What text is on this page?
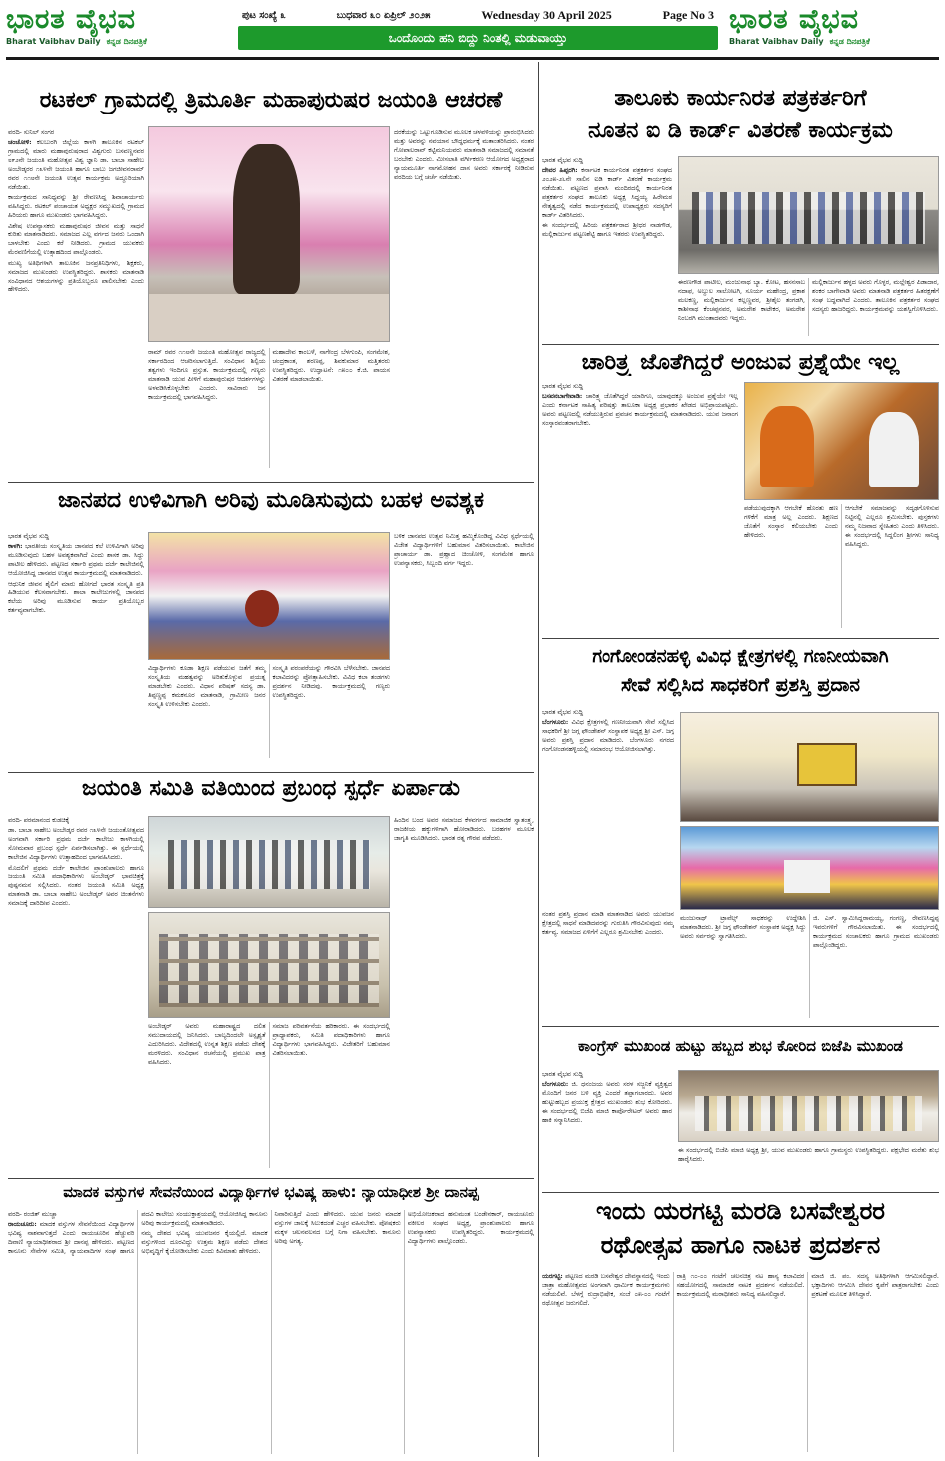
ಭಾರತ ವೈಭವ
Bharat Vaibhav Daily ಕನ್ನಡ ದಿನಪತ್ರಿಕೆ
ಪುಟ ಸಂಖ್ಯೆ ೩	ಬುಧವಾರ ೩೦ ಏಪ್ರಿಲ್ ೨೦೨೫	Wednesday 30 April 2025	Page No 3
ಒಂದೊಂದು ಹನಿ ಬಿದ್ದು ನಿಂತಲ್ಲಿ ಮಡುವಾಯ್ತು
ಭಾರತ ವೈಭವ
Bharat Vaibhav Daily ಕನ್ನಡ ದಿನಪತ್ರಿಕೆ
ರಟಕಲ್ ಗ್ರಾಮದಲ್ಲಿ ತ್ರಿಮೂರ್ತಿ ಮಹಾಪುರುಷರ ಜಯಂತಿ ಆಚರಣೆ

ವರದಿ- ಸುನಿಲ್ ಸಂಗರ

ಚಂಚೋಳಿ: ಕಲಬುರಗಿ ಜಿಲ್ಲೆಯ ಕಾಳಗಿ ತಾಲೂಕಿನ ರಟಕಲ್ ಗ್ರಾಮದಲ್ಲಿ ಮಾರು ಮಹಾಪುರುಷರಾದ ವಿಶ್ವಗುರು ಬಸವಣ್ಣನವರ ೮೯೨ನೇ ಜಯಂತಿ ಮಹೋತ್ಸವ ವಿಶ್ವ ಜ್ಞಾನಿ ಡಾ. ಬಾಬಾ ಸಾಹೇಬ ಅಂಬೇಡ್ಕರರ ೧೩೪ನೇ ಜಯಂತಿ ಹಾಗೂ ಬಾಬು ಜಗಜೀವನರಾಮ್ ರವರ ೧೧೮ನೇ ಜಯಂತಿ ಉತ್ಸವ ಕಾರ್ಯಕ್ರಮ ಅದ್ದೂರಿಯಾಗಿ ನಡೆಯಿತು.

ಕಾರ್ಯಕ್ರಮದ ಸಾನಿಧ್ಯವನ್ನು ಶ್ರೀ ರೇವಣಸಿದ್ದ ಶಿವಾಚಾರ್ಯರು ವಹಿಸಿದ್ದರು. ರಟಕಲ್ ಪಂಚಾಯತ ಅಧ್ಯಕ್ಷರ ಸಮ್ಮುಖದಲ್ಲಿ ಗ್ರಾಮದ ಹಿರಿಯರು ಹಾಗೂ ಮುಖಂಡರು ಭಾಗವಹಿಸಿದ್ದರು.

ವಿಶೇಷ ಉಪನ್ಯಾಸಕರು ಮಹಾಪುರುಷರ ಜೀವನ ಮತ್ತು ಸಾಧನೆ ಕುರಿತು ಮಾತನಾಡಿದರು. ಸಮಾಜದ ಎಲ್ಲ ವರ್ಗದ ಜನರು ಒಂದಾಗಿ ಬಾಳಬೇಕು ಎಂದು ಕರೆ ನೀಡಿದರು. ಗ್ರಾಮದ ಯುವಕರು ಮೆರವಣಿಗೆಯಲ್ಲಿ ಉತ್ಸಾಹದಿಂದ ಪಾಲ್ಗೊಂಡರು.

ಮುಖ್ಯ ಅತಿಥಿಗಳಾಗಿ ತಾಲೂಕಿನ ಜನಪ್ರತಿನಿಧಿಗಳು, ಶಿಕ್ಷಕರು, ಸಮಾಜದ ಮುಖಂಡರು ಉಪಸ್ಥಿತರಿದ್ದರು. ಶಾಸಕರು ಮಾತನಾಡಿ ಸಂವಿಧಾನದ ಆಶಯಗಳನ್ನು ಪ್ರತಿಯೊಬ್ಬರೂ ಪಾಲಿಸಬೇಕು ಎಂದು ಹೇಳಿದರು.

ದರಕೆಯನ್ನು ಒಟ್ಟುಗೂಡಿಸುವ ಮೂಲಕ ಚಳವಳಿಯನ್ನು ಪ್ರಾರಂಭಿಸಿದರು ಮತ್ತು ಅವರನ್ನು ನವಯಾನ ಬೌದ್ಧಧರ್ಮಕ್ಕೆ ಮತಾಂತರಿಸಿದರು. ನಂತರ ಗೋಪಾಲರಾವ್ ಕಟ್ಟಿಮನಿಯವರು ಮಾತನಾಡಿ ಸಮಾಜದಲ್ಲಿ ಸಮಾನತೆ ಬರಬೇಕು ಎಂದರು. ಮೀಸಲಾತಿ ವರ್ಗೀಕರಣ ಆಯೋಗದ ಅಧ್ಯಕ್ಷರಾದ ನ್ಯಾಯಮೂರ್ತಿ ನಾಗಮೋಹನ ದಾಸ ಅವರು ಸರ್ಕಾರಕ್ಕೆ ನೀಡಿರುವ ವರದಿಯ ಬಗ್ಗೆ ಚರ್ಚೆ ನಡೆಯಿತು.

ರಾಮ್ ರವರ ೧೧೮ನೇ ಜಯಂತಿ ಮಹೋತ್ಸವ ರಾಜ್ಯದಲ್ಲಿ ಸರ್ಕಾರದಿಂದ ಆಚರಿಸಲಾಗುತ್ತಿದೆ. ಸಂವಿಧಾನ ಶಿಲ್ಪಿಯ ತತ್ವಗಳು ಇಂದಿಗೂ ಪ್ರಸ್ತುತ. ಕಾರ್ಯಕ್ರಮದಲ್ಲಿ ಗಣ್ಯರು ಮಾತನಾಡಿ ಯುವ ಪೀಳಿಗೆ ಮಹಾಪುರುಷರ ಆದರ್ಶಗಳನ್ನು ಅಳವಡಿಸಿಕೊಳ್ಳಬೇಕು ಎಂದರು. ಸಾವಿರಾರು ಜನ ಕಾರ್ಯಕ್ರಮದಲ್ಲಿ ಭಾಗವಹಿಸಿದ್ದರು.

ಮಹಾದೇವ ಕಾಂಬಳೆ, ನಾಗೇಂದ್ರ ಬೆಳಗುಂಪಿ, ಸಂಗಮೇಶ, ಚಂದ್ರಕಾಂತ, ಶರಣಪ್ಪ, ಶಿವಕುಮಾರ ಮತ್ತಿತರರು ಉಪಸ್ಥಿತರಿದ್ದರು. ಉದ್ಘಾಟನೆ: ೧೫೦೦ ಕೆ.ಜಿ. ಪಾಯಸ ವಿತರಣೆ ಮಾಡಲಾಯಿತು.

ಜಾನಪದ ಉಳಿವಿಗಾಗಿ ಅರಿವು ಮೂಡಿಸುವುದು ಬಹಳ ಅವಶ್ಯಕ

ಭಾರತ ವೈಭವ ಸುದ್ದಿ

ಕಾಳಗಿ: ಭಾರತೀಯ ಸಂಸ್ಕೃತಿಯ ಜಾನಪದ ಕಲೆ ಉಳಿವಿಗಾಗಿ ಅರಿವು ಮೂಡಿಸುವುದು ಬಹಳ ಅವಶ್ಯಕವಾಗಿದೆ ಎಂದು ಶಾಸಕ ಡಾ. ಸಿದ್ದು ಪಾಟೀಲ ಹೇಳಿದರು. ಪಟ್ಟಣದ ಸರ್ಕಾರಿ ಪ್ರಥಮ ದರ್ಜೆ ಕಾಲೇಜಿನಲ್ಲಿ ಆಯೋಜಿಸಿದ್ದ ಜಾನಪದ ಉತ್ಸವ ಕಾರ್ಯಕ್ರಮದಲ್ಲಿ ಮಾತನಾಡಿದರು.

ಆಧುನಿಕ ಜೀವನ ಶೈಲಿಗೆ ಮಾರು ಹೋಗದೆ ಭಾರತ ಸಂಸ್ಕೃತಿ ಪ್ರತಿ ಹಿಡಿಯುವ ಕೆಲಸವಾಗಬೇಕು. ಶಾಲಾ ಕಾಲೇಜುಗಳಲ್ಲಿ ಜಾನಪದ ಕಲೆಯ ಅರಿವು ಮೂಡಿಸುವ ಕಾರ್ಯ ಪ್ರತಿಯೊಬ್ಬರ ಕರ್ತವ್ಯವಾಗಬೇಕು.

ವಿದ್ಯಾರ್ಥಿಗಳು ಕೂಡಾ ಶಿಕ್ಷಣ ಪಡೆಯುವ ಜತೆಗೆ ತಮ್ಮ ಸಂಸ್ಕೃತಿಯ ಮಹತ್ವವನ್ನು ಅರಿತುಕೊಳ್ಳುವ ಪ್ರಯತ್ನ ಮಾಡಬೇಕು ಎಂದರು. ವಿಧಾನ ಪರಿಷತ್ ಸದಸ್ಯ ಡಾ. ತಿಪ್ಪಣ್ಣಪ್ಪ ಕಮಕನೂರ ಮಾತನಾಡಿ, ಗ್ರಾಮೀಣ ಜನರ ಸಂಸ್ಕೃತಿ ಉಳಿಸಬೇಕು ಎಂದರು.

ಸಂಸ್ಕೃತಿ ಪರಂಪರೆಯನ್ನು ಗೌರವಿಸಿ ಬೆಳೆಸಬೇಕು. ಜಾನಪದ ಕಲಾವಿದರನ್ನು ಪ್ರೋತ್ಸಾಹಿಸಬೇಕು. ವಿವಿಧ ಕಲಾ ತಂಡಗಳು ಪ್ರದರ್ಶನ ನೀಡಿದವು. ಕಾರ್ಯಕ್ರಮದಲ್ಲಿ ಗಣ್ಯರು ಉಪಸ್ಥಿತರಿದ್ದರು.

ಬಳಿಕ ಜಾನಪದ ಉತ್ಸವ ನಿಮಿತ್ತ ಹಮ್ಮಿಕೊಂಡಿದ್ದ ವಿವಿಧ ಸ್ಪರ್ಧೆಯಲ್ಲಿ ವಿಜೇತ ವಿದ್ಯಾರ್ಥಿಗಳಿಗೆ ಬಹುಮಾನ ವಿತರಿಸಲಾಯಿತು. ಕಾಲೇಜಿನ ಪ್ರಾಚಾರ್ಯ ಡಾ. ಪ್ರಹ್ಲಾದ ಚಿಂಚೋಳಿ, ಸಂಗಮೇಶ ಹಾಗೂ ಉಪನ್ಯಾಸಕರು, ಸಿಬ್ಬಂದಿ ವರ್ಗ ಇದ್ದರು.

ಜಯಂತಿ ಸಮಿತಿ ವತಿಯಿಂದ ಪ್ರಬಂಧ ಸ್ಪರ್ಧೆ ಏರ್ಪಾಡು

ವರದಿ- ಪರಮಾನಂದ ಕುಡಚಿಕೈ

ಡಾ. ಬಾಬಾ ಸಾಹೇಬ ಅಂಬೇಡ್ಕರ ರವರ ೧೩೪ನೇ ಜಯಂತೋತ್ಸವದ ಅಂಗವಾಗಿ ಸರ್ಕಾರಿ ಪ್ರಥಮ ದರ್ಜೆ ಕಾಲೇಜು ಕಾಳಗಿಯಲ್ಲಿ ಸೋಮವಾರ ಪ್ರಬಂಧ ಸ್ಪರ್ಧೆ ಏರ್ಪಡಿಸಲಾಗಿತ್ತು. ಈ ಸ್ಪರ್ಧೆಯಲ್ಲಿ ಕಾಲೇಜಿನ ವಿದ್ಯಾರ್ಥಿಗಳು ಉತ್ಸಾಹದಿಂದ ಭಾಗವಹಿಸಿದರು.

ಮೊದಲಿಗೆ ಪ್ರಥಮ ದರ್ಜೆ ಕಾಲೇಜಿನ ಪ್ರಾಂಶುಪಾಲರು ಹಾಗೂ ಜಯಂತಿ ಸಮಿತಿ ಪದಾಧಿಕಾರಿಗಳು ಅಂಬೇಡ್ಕರ್ ಭಾವಚಿತ್ರಕ್ಕೆ ಪುಷ್ಪನಮನ ಸಲ್ಲಿಸಿದರು. ನಂತರ ಜಯಂತಿ ಸಮಿತಿ ಅಧ್ಯಕ್ಷ ಮಾತನಾಡಿ ಡಾ. ಬಾಬಾ ಸಾಹೇಬ ಅಂಬೇಡ್ಕರ್ ಅವರ ಚಿಂತನೆಗಳು ಸಮಾಜಕ್ಕೆ ದಾರಿದೀಪ ಎಂದರು.

ಅಂಬೇಡ್ಕರ್ ಅವರು ಮಹಾರಾಷ್ಟ್ರದ ದಲಿತ ಸಮುದಾಯದಲ್ಲಿ ಜನಿಸಿದರು. ಬಾಲ್ಯದಿಂದಲೇ ಅಸ್ಪೃಶ್ಯತೆ ಎದುರಿಸಿದರು. ವಿದೇಶದಲ್ಲಿ ಉನ್ನತ ಶಿಕ್ಷಣ ಪಡೆದು ದೇಶಕ್ಕೆ ಮರಳಿದರು. ಸಂವಿಧಾನ ರಚನೆಯಲ್ಲಿ ಪ್ರಮುಖ ಪಾತ್ರ ವಹಿಸಿದರು.

ಸಮಾಜ ಪರಿವರ್ತನೆಯ ಹರಿಕಾರರು. ಈ ಸಂದರ್ಭದಲ್ಲಿ ಪ್ರಾಧ್ಯಾಪಕರು, ಸಮಿತಿ ಪದಾಧಿಕಾರಿಗಳು ಹಾಗೂ ವಿದ್ಯಾರ್ಥಿಗಳು ಭಾಗವಹಿಸಿದ್ದರು. ವಿಜೇತರಿಗೆ ಬಹುಮಾನ ವಿತರಿಸಲಾಯಿತು.

ಹಿಂದಿನ ಬಂದ ಅವರ ಸಮಾಜದ ಕೆಳವರ್ಗದ ಸಾಮಾಜಿಕ ಸ್ವಾತಂತ್ರ್ಯ, ರಾಜಕೀಯ ಹಕ್ಕುಗಳಿಗಾಗಿ ಹೋರಾಡಿದರು. ಬರಹಗಳ ಮೂಲಕ ಜಾಗೃತಿ ಮೂಡಿಸಿದರು. ಭಾರತ ರತ್ನ ಗೌರವ ಪಡೆದರು.

ಮಾದಕ ವಸ್ತುಗಳ ಸೇವನೆಯಿಂದ ವಿದ್ಯಾರ್ಥಿಗಳ ಭವಿಷ್ಯ ಹಾಳು: ನ್ಯಾಯಾಧೀಶ ಶ್ರೀ ದಾನಪ್ಪ

ವರದಿ- ರಂಜಿತ್ ಮುಚ್ಚಾ

ರಾಯಚೂರು: ಮಾದಕ ವಸ್ತುಗಳ ಸೇವನೆಯಿಂದ ವಿದ್ಯಾರ್ಥಿಗಳ ಭವಿಷ್ಯ ನಾಶವಾಗುತ್ತದೆ ಎಂದು ರಾಯಚೂರಿನ ಹೆಚ್ಚುವರಿ ದಿವಾಣಿ ನ್ಯಾಯಾಧೀಶರಾದ ಶ್ರೀ ದಾನಪ್ಪ ಹೇಳಿದರು. ಪಟ್ಟಣದ ಕಾನೂನು ಸೇವೆಗಳ ಸಮಿತಿ, ನ್ಯಾಯವಾದಿಗಳ ಸಂಘ ಹಾಗೂ ಪದವಿ ಕಾಲೇಜು ಸಂಯುಕ್ತಾಶ್ರಯದಲ್ಲಿ ಆಯೋಜಿಸಿದ್ದ ಕಾನೂನು ಅರಿವು ಕಾರ್ಯಕ್ರಮದಲ್ಲಿ ಮಾತನಾಡಿದರು.

ನಮ್ಮ ದೇಶದ ಭವಿಷ್ಯ ಯುವಜನರ ಕೈಯಲ್ಲಿದೆ. ಮಾದಕ ವಸ್ತುಗಳಿಂದ ದೂರವಿದ್ದು ಉತ್ತಮ ಶಿಕ್ಷಣ ಪಡೆದು ದೇಶದ ಅಭಿವೃದ್ಧಿಗೆ ಕೈಜೋಡಿಸಬೇಕು ಎಂದು ಕಿವಿಮಾತು ಹೇಳಿದರು.

ನಿವಾರಿಸುತ್ತಿದೆ ಎಂದು ಹೇಳಿದರು. ಯುವ ಜನರು ಮಾದಕ ವಸ್ತುಗಳ ಜಾಲಕ್ಕೆ ಸಿಲುಕದಂತೆ ಎಚ್ಚರ ವಹಿಸಬೇಕು. ಪೋಷಕರು ಮಕ್ಕಳ ಚಲನವಲನದ ಬಗ್ಗೆ ನಿಗಾ ವಹಿಸಬೇಕು. ಕಾನೂನು ಅರಿವು ಅಗತ್ಯ.

ಅಭಿಯೋಜಕರಾದ ಹನುಮಂತ ಬಂಡೇನಕಾರ್, ರಾಯಚೂರು ವಕೀಲರ ಸಂಘದ ಅಧ್ಯಕ್ಷ, ಪ್ರಾಂಶುಪಾಲರು ಹಾಗೂ ಉಪನ್ಯಾಸಕರು ಉಪಸ್ಥಿತರಿದ್ದರು. ಕಾರ್ಯಕ್ರಮದಲ್ಲಿ ವಿದ್ಯಾರ್ಥಿಗಳು ಪಾಲ್ಗೊಂಡರು.

ತಾಲೂಕು ಕಾರ್ಯನಿರತ ಪತ್ರಕರ್ತರಿಗೆ
ನೂತನ ಐ ಡಿ ಕಾರ್ಡ್ ವಿತರಣೆ ಕಾರ್ಯಕ್ರಮ

ಭಾರತ ವೈಭವ ಸುದ್ದಿ

ದೇವರ ಹಿಪ್ಪರಗಿ: ಕರ್ನಾಟಕ ಕಾರ್ಯನಿರತ ಪತ್ರಕರ್ತರ ಸಂಘದ ೨೦೨೫-೨೬ನೇ ಸಾಲಿನ ಐಡಿ ಕಾರ್ಡ್ ವಿತರಣೆ ಕಾರ್ಯಕ್ರಮ ನಡೆಯಿತು. ಪಟ್ಟಣದ ಪ್ರವಾಸಿ ಮಂದಿರದಲ್ಲಿ ಕಾರ್ಯನಿರತ ಪತ್ರಕರ್ತರ ಸಂಘದ ತಾಲೂಕು ಅಧ್ಯಕ್ಷ ಸಿದ್ದಯ್ಯ ಹಿರೇಮಠ ನೇತೃತ್ವದಲ್ಲಿ ನಡೆದ ಕಾರ್ಯಕ್ರಮದಲ್ಲಿ ಉಪಾಧ್ಯಕ್ಷರು ಸದಸ್ಯರಿಗೆ ಕಾರ್ಡ್ ವಿತರಿಸಿದರು.

ಈ ಸಂದರ್ಭದಲ್ಲಿ ಹಿರಿಯ ಪತ್ರಕರ್ತರಾದ ಶ್ರೀಧರ ನಾಡಗೌಡ, ಮಲ್ಲಿಕಾರ್ಜುನ ಪಟ್ಟಣಶೆಟ್ಟಿ ಹಾಗೂ ಇತರರು ಉಪಸ್ಥಿತರಿದ್ದರು.

ಈರಣಗೌಡ ಪಾಟೀಲ, ಮಂಜುನಾಥ ಬ್ಯಾ. ಕೋಟ, ಹಸನಸಾಬ ನದಾಫ, ಅಬ್ದುಲ ಸಾಲೋಟಗಿ, ಸೂರ್ಯ ಮಹೇಂದ್ರ, ಪ್ರಕಾಶ ಮಲಕಣ್ಣ, ಮಲ್ಲಿಕಾರ್ಜುನ ಕಲ್ಲಣ್ಣವರ, ಶ್ರೀಶೈಲ ತಂಗಡಗಿ, ಕಾಶೀನಾಥ ಕೆಂಚಪ್ಪನವರ, ಅಮರೇಶ ಕಾಟೇಕರ, ಅಮರೇಶ ನಿಂಬರಗಿ ಮುಂತಾದವರು ಇದ್ದರು.

ಮಲ್ಲಿಕಾರ್ಜುನ ಹಳ್ಳದ ಅವರು ಗೊಳ್ಳರ, ಮಲ್ಲೇಶ್ವರ ಪಿಡಾದಾರ, ಶಂಕರ ಬಾಗೇವಾಡಿ ಅವರು ಮಾತನಾಡಿ ಪತ್ರಕರ್ತರ ಹಿತರಕ್ಷಣೆಗೆ ಸಂಘ ಬದ್ಧವಾಗಿದೆ ಎಂದರು. ತಾಲೂಕಿನ ಪತ್ರಕರ್ತರ ಸಂಘದ ಸದಸ್ಯರು ಹಾಜರಿದ್ದರು. ಕಾರ್ಯಕ್ರಮವನ್ನು ಯಶಸ್ವಿಗೊಳಿಸಿದರು.

ಚಾರಿತ್ರ್ಯ ಜೊತೆಗಿದ್ದರೆ ಅಂಜುವ ಪ್ರಶ್ನೆಯೇ ಇಲ್ಲ

ಭಾರತ ವೈಭವ ಸುದ್ದಿ

ಬಸವನಬಾಗೇವಾಡಿ: ಚಾರಿತ್ರ್ಯ ಜೊತೆಗಿದ್ದರೆ ಯಾರಿಗೂ, ಯಾವುದಕ್ಕೂ ಅಂಜುವ ಪ್ರಶ್ನೆಯೇ ಇಲ್ಲ ಎಂದು ಕರ್ನಾಟಕ ಸಾಹಿತ್ಯ ಪರಿಷತ್ತು ತಾಲೂಕಾ ಅಧ್ಯಕ್ಷ ಪ್ರಭಾಕರ ಖೇಡದ ಅಭಿಪ್ರಾಯಪಟ್ಟರು. ಅವರು ಪಟ್ಟಣದಲ್ಲಿ ನಡೆಯುತ್ತಿರುವ ಪ್ರವಚನ ಕಾರ್ಯಕ್ರಮದಲ್ಲಿ ಮಾತನಾಡಿದರು. ಯುವ ಜನಾಂಗ ಸಂಸ್ಕಾರವಂತರಾಗಬೇಕು.

ಪಡೆಯುವುದಕ್ಕಾಗಿ ಆಗಬೇಕೆ ಹೊರತು ಹಣ ಗಳಿಕೆಗೆ ಮಾತ್ರ ಅಲ್ಲ ಎಂದರು. ಶಿಕ್ಷಣದ ಜೊತೆಗೆ ಸಂಸ್ಕಾರ ಕಲಿಯಬೇಕು ಎಂದು ಹೇಳಿದರು.

ಆಗಬೇಕೆ ಸಮಾಜವನ್ನು ಸದೃಢಗೊಳಿಸುವ ನಿಟ್ಟಿನಲ್ಲಿ ಎಲ್ಲರೂ ಶ್ರಮಿಸಬೇಕು. ಪುಸ್ತಕಗಳು ನಮ್ಮ ನಿಜವಾದ ಸ್ನೇಹಿತರು ಎಂದು ತಿಳಿಸಿದರು. ಈ ಸಂದರ್ಭದಲ್ಲಿ ಸಿದ್ದಲಿಂಗ ಶ್ರೀಗಳು ಸಾನಿಧ್ಯ ವಹಿಸಿದ್ದರು.

ಗಂಗೋಂಡನಹಳ್ಳಿ ವಿವಿಧ ಕ್ಷೇತ್ರಗಳಲ್ಲಿ ಗಣನೀಯವಾಗಿ
ಸೇವೆ ಸಲ್ಲಿಸಿದ ಸಾಧಕರಿಗೆ ಪ್ರಶಸ್ತಿ ಪ್ರದಾನ

ಭಾರತ ವೈಭವ ಸುದ್ದಿ

ಬೆಂಗಳೂರು: ವಿವಿಧ ಕ್ಷೇತ್ರಗಳಲ್ಲಿ ಗಣನೀಯವಾಗಿ ಸೇವೆ ಸಲ್ಲಿಸಿದ ಸಾಧಕರಿಗೆ ಶ್ರೀ ಜಗ್ಗ ಫೌಂಡೇಶನ್ ಸಂಸ್ಥಾಪಕ ಅಧ್ಯಕ್ಷ ಶ್ರೀ ಎಸ್. ಜಗ್ಗ ಅವರು ಪ್ರಶಸ್ತಿ ಪ್ರದಾನ ಮಾಡಿದರು. ಬೆಂಗಳೂರು ನಗರದ ಗಂಗೋಂಡನಹಳ್ಳಿಯಲ್ಲಿ ಸಮಾರಂಭ ಆಯೋಜಿಸಲಾಗಿತ್ತು.

ನಂತರ ಪ್ರಶಸ್ತಿ ಪ್ರದಾನ ಮಾಡಿ ಮಾತನಾಡಿದ ಅವರು ಯುವಜನ ಕ್ಷೇತ್ರದಲ್ಲಿ ಸಾಧನೆ ಮಾಡಿದವರನ್ನು ಗುರುತಿಸಿ ಗೌರವಿಸುವುದು ನಮ್ಮ ಕರ್ತವ್ಯ. ಸಮಾಜದ ಏಳಿಗೆಗೆ ಎಲ್ಲರೂ ಶ್ರಮಿಸಬೇಕು ಎಂದರು.

ಮಂಜುನಾಥ್ ಟ್ರಾವೆಲ್ಸ್ ಸಾಧಕರನ್ನು ಉದ್ದೇಶಿಸಿ ಮಾತನಾಡಿದರು. ಶ್ರೀ ಜಗ್ಗ ಫೌಂಡೇಶನ್ ಸಂಸ್ಥಾಪಕ ಅಧ್ಯಕ್ಷ ಸಿದ್ದು ಅವರು ಸರ್ವರನ್ನು ಸ್ವಾಗತಿಸಿದರು.

ಜಿ. ಎಸ್. ಸ್ವಾಮಿಸಿದ್ದರಾಮಯ್ಯ, ಗಂಗಣ್ಣ, ರೇವಣಸಿದ್ದಪ್ಪ ಇವರುಗಳಿಗೆ ಗೌರವಿಸಲಾಯಿತು. ಈ ಸಂದರ್ಭದಲ್ಲಿ ಕಾರ್ಯಕ್ರಮದ ಸಂಚಾಲಕರು ಹಾಗೂ ಗ್ರಾಮದ ಮುಖಂಡರು ಪಾಲ್ಗೊಂಡಿದ್ದರು.

ಕಾಂಗ್ರೆಸ್ ಮುಖಂಡ ಹುಟ್ಟು ಹಬ್ಬದ ಶುಭ ಕೋರಿದ ಬಿಜೆಪಿ ಮುಖಂಡ

ಭಾರತ ವೈಭವ ಸುದ್ದಿ

ಬೆಂಗಳೂರು: ಜಿ. ಧನಂಜಯ ಅವರು ಸರಳ ಸಜ್ಜನಿಕೆ ವ್ಯಕ್ತಿತ್ವದ ಮೊಂದಿಗೆ ಜನರ ಬಳಿ ವ್ಯಕ್ತಿ ಎಂದರೆ ತಪ್ಪಾಗಲಾರದು. ಅವರ ಹುಟ್ಟುಹಬ್ಬದ ಪ್ರಯುಕ್ತ ಕ್ಷೇತ್ರದ ಮುಖಂಡರು ಶುಭ ಕೋರಿದರು. ಈ ಸಂದರ್ಭದಲ್ಲಿ ಬಿಜೆಪಿ ಮಾಜಿ ಕಾರ್ಪೊರೇಟರ್ ಅವರು ಹಾರ ಹಾಕಿ ಸನ್ಮಾನಿಸಿದರು.

ಈ ಸಂದರ್ಭದಲ್ಲಿ ಬಿಜೆಪಿ ಮಾಜಿ ಅಧ್ಯಕ್ಷ ಶ್ರೀ, ಯುವ ಮುಖಂಡರು ಹಾಗೂ ಗ್ರಾಮಸ್ಥರು ಉಪಸ್ಥಿತರಿದ್ದರು. ಪಕ್ಷಭೇದ ಮರೆತು ಶುಭ ಹಾರೈಸಿದರು.

ಇಂದು ಯರಗಟ್ಟಿ ಮರಡಿ ಬಸವೇಶ್ವರರ
ರಥೋತ್ಸವ ಹಾಗೂ ನಾಟಕ ಪ್ರದರ್ಶನ

ಯರಗಟ್ಟಿ: ಪಟ್ಟಣದ ಮರಡಿ ಬಸವೇಶ್ವರ ದೇವಸ್ಥಾನದಲ್ಲಿ ಇಂದು ಜಾತ್ರಾ ಮಹೋತ್ಸವದ ಅಂಗವಾಗಿ ಧಾರ್ಮಿಕ ಕಾರ್ಯಕ್ರಮಗಳು ನಡೆಯಲಿವೆ. ಬೆಳಗ್ಗೆ ರುದ್ರಾಭಿಷೇಕ, ಸಂಜೆ ೦೫-೦೦ ಗಂಟೆಗೆ ರಥೋತ್ಸವ ಜರುಗಲಿದೆ.

ರಾತ್ರಿ ೧೦-೦೦ ಗಂಟೆಗೆ ಚಲನಚಿತ್ರ ನಟ ಹಾಸ್ಯ ಕಲಾವಿದರ ಸಹಯೋಗದಲ್ಲಿ ಸಾಮಾಜಿಕ ನಾಟಕ ಪ್ರದರ್ಶನ ನಡೆಯಲಿದೆ. ಕಾರ್ಯಕ್ರಮದಲ್ಲಿ ಮಠಾಧೀಶರು ಸಾನಿಧ್ಯ ವಹಿಸಲಿದ್ದಾರೆ.

ಮಾಜಿ ಜಿ. ಪಂ. ಸದಸ್ಯ ಅತಿಥಿಗಳಾಗಿ ಆಗಮಿಸಲಿದ್ದಾರೆ. ಭಕ್ತಾದಿಗಳು ಆಗಮಿಸಿ ದೇವರ ಕೃಪೆಗೆ ಪಾತ್ರರಾಗಬೇಕು ಎಂದು ಪ್ರಕಟಣೆ ಮೂಲಕ ತಿಳಿಸಿದ್ದಾರೆ.
